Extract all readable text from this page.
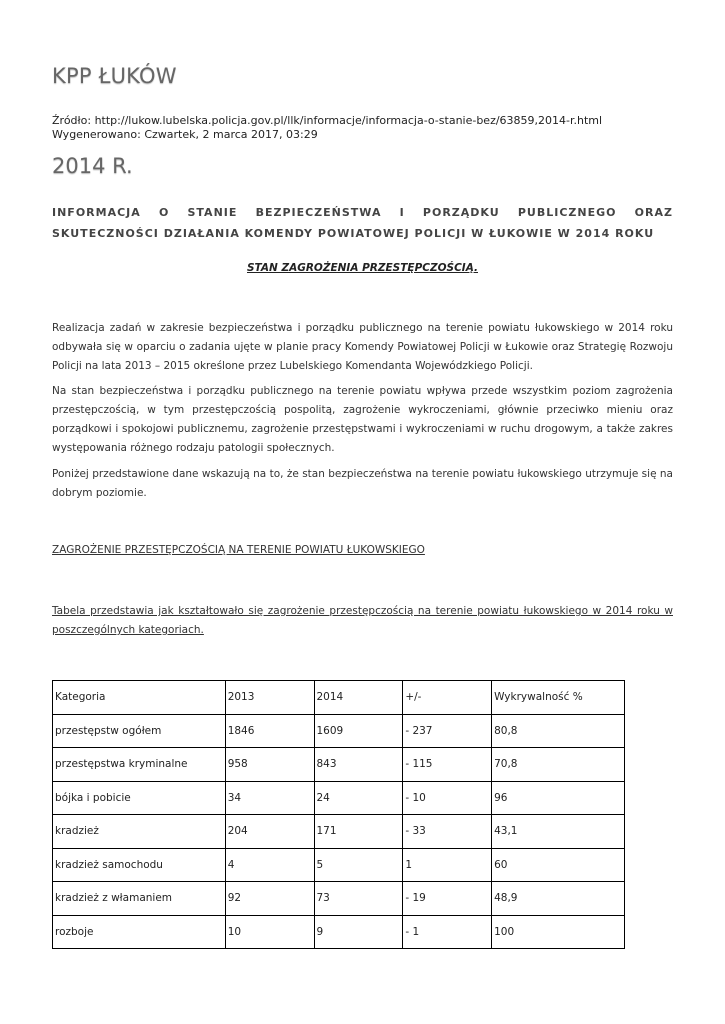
KPP ŁUKÓW
Źródło: http://lukow.lubelska.policja.gov.pl/llk/informacje/informacja-o-stanie-bez/63859,2014-r.html
Wygenerowano: Czwartek, 2 marca 2017, 03:29
2014 R.

INFORMACJA O STANIE BEZPIECZEŃSTWA I PORZĄDKU PUBLICZNEGO ORAZ SKUTECZNOŚCI DZIAŁANIA KOMENDY POWIATOWEJ POLICJI W ŁUKOWIE W 2014 ROKU

STAN ZAGROŻENIA PRZESTĘPCZOŚCIĄ.

Realizacja zadań w zakresie bezpieczeństwa i porządku publicznego na terenie powiatu łukowskiego w 2014 roku odbywała się w oparciu o zadania ujęte w planie pracy Komendy Powiatowej Policji w Łukowie oraz Strategię Rozwoju Policji na lata 2013 – 2015 określone przez Lubelskiego Komendanta Wojewódzkiego Policji.

Na stan bezpieczeństwa i porządku publicznego na terenie powiatu wpływa przede wszystkim poziom zagrożenia przestępczością, w tym przestępczością pospolitą, zagrożenie wykroczeniami, głównie przeciwko mieniu oraz porządkowi i spokojowi publicznemu, zagrożenie przestępstwami i wykroczeniami w ruchu drogowym, a także zakres występowania różnego rodzaju patologii społecznych.

Poniżej przedstawione dane wskazują na to, że stan bezpieczeństwa na terenie powiatu łukowskiego utrzymuje się na dobrym poziomie.

ZAGROŻENIE PRZESTĘPCZOŚCIĄ NA TERENIE POWIATU ŁUKOWSKIEGO

Tabela przedstawia jak kształtowało się zagrożenie przestępczością na terenie powiatu łukowskiego w 2014 roku w poszczególnych kategoriach.

Kategoria	2013	2014	+/-	Wykrywalność %
przestępstw ogółem	1846	1609	- 237	80,8
przestępstwa kryminalne	958	843	- 115	70,8
bójka i pobicie	34	24	- 10	96
kradzież	204	171	- 33	43,1
kradzież samochodu	4	5	1	60
kradzież z włamaniem	92	73	- 19	48,9
rozboje	10	9	- 1	100
